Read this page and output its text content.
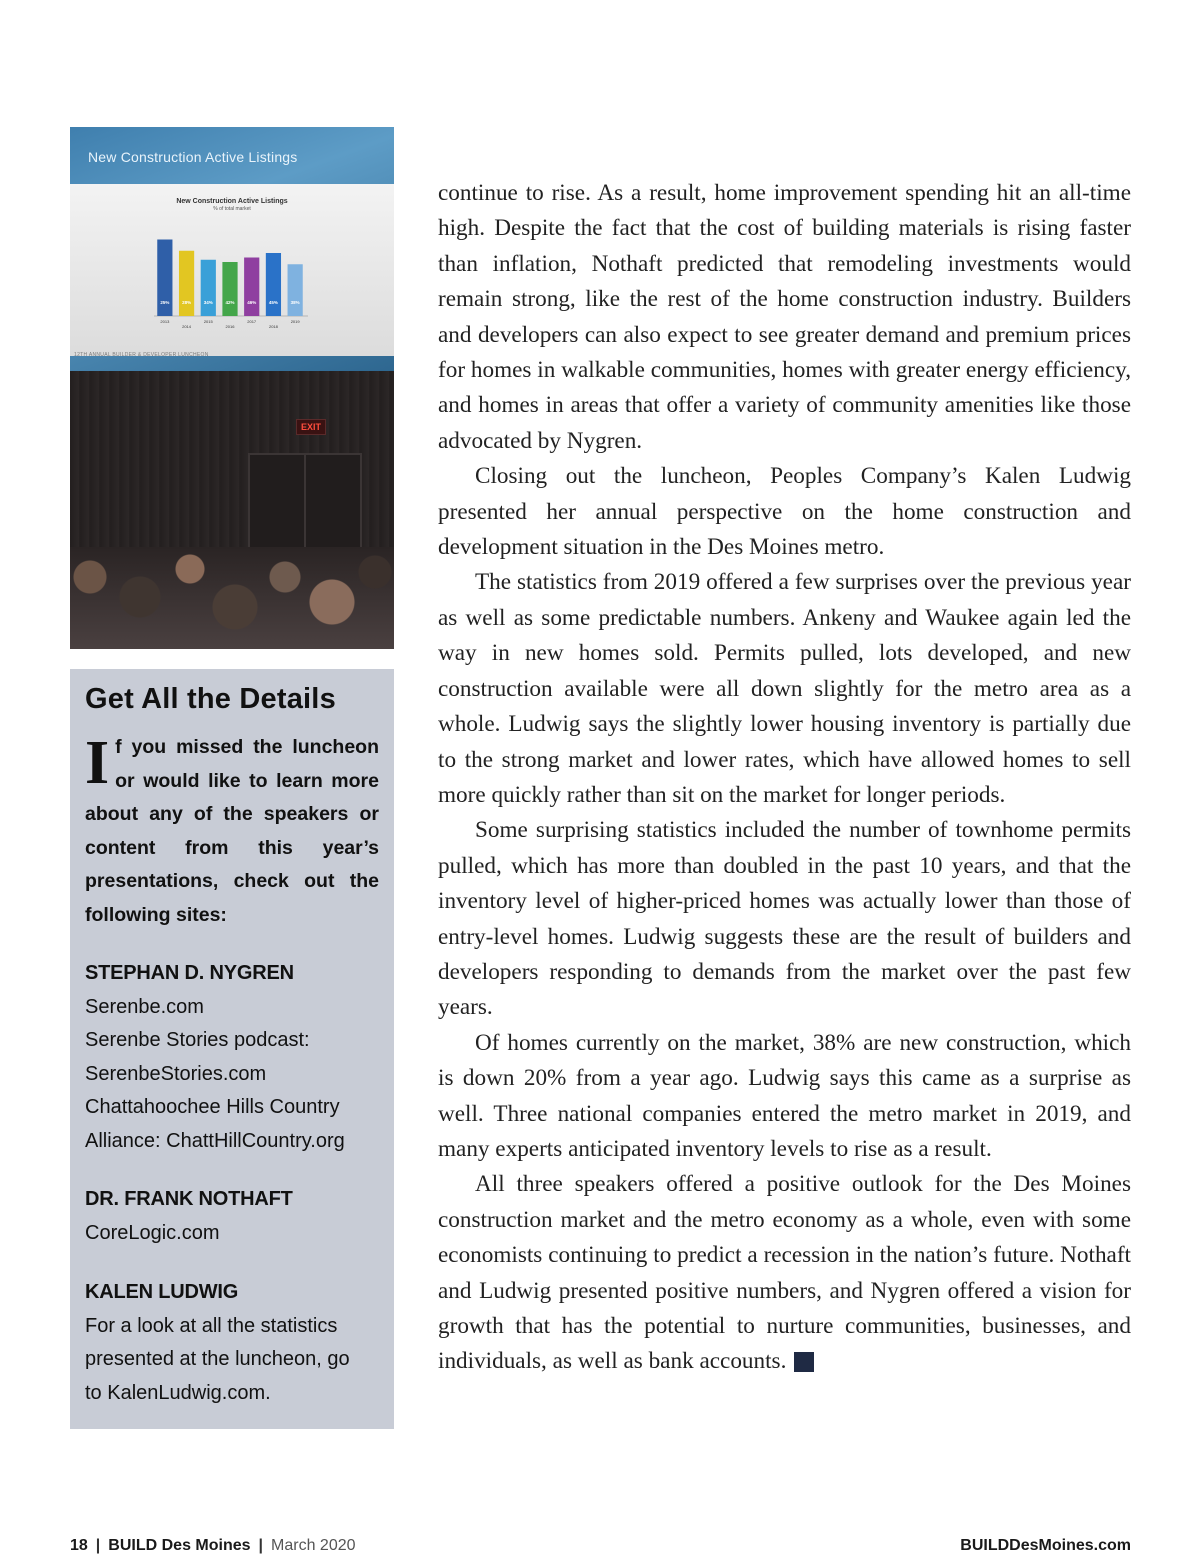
New Construction Active Listings
New Construction Active Listings
% of total market
25%
2013
28%
2014
34%
2015
42%
2016
46%
2017
45%
2018
38%
2019
12TH ANNUAL BUILDER & DEVELOPER LUNCHEON
EXIT
Get All the Details
If you missed the luncheon or would like to learn more about any of the speakers or content from this year’s presentations, check out the following sites:
STEPHAN D. NYGREN
Serenbe.com
Serenbe Stories podcast:
SerenbeStories.com
Chattahoochee Hills Country
Alliance: ChattHillCountry.org
DR. FRANK NOTHAFT
CoreLogic.com
KALEN LUDWIG
For a look at all the statistics
presented at the luncheon, go
to KalenLudwig.com.

continue to rise. As a result, home improvement spending hit an all-time high. Despite the fact that the cost of building materials is rising faster than inflation, Nothaft predicted that remodeling investments would remain strong, like the rest of the home construction industry. Builders and developers can also expect to see greater demand and premium prices for homes in walkable communities, homes with greater energy efficiency, and homes in areas that offer a variety of community amenities like those advocated by Nygren.

Closing out the luncheon, Peoples Company’s Kalen Ludwig presented her annual perspective on the home construction and development situation in the Des Moines metro.

The statistics from 2019 offered a few surprises over the previous year as well as some predictable numbers. Ankeny and Waukee again led the way in new homes sold. Permits pulled, lots developed, and new construction available were all down slightly for the metro area as a whole. Ludwig says the slightly lower housing inventory is partially due to the strong market and lower rates, which have allowed homes to sell more quickly rather than sit on the market for longer periods.

Some surprising statistics included the number of townhome permits pulled, which has more than doubled in the past 10 years, and that the inventory level of higher-priced homes was actually lower than those of entry-level homes. Ludwig suggests these are the result of builders and developers responding to demands from the market over the past few years.

Of homes currently on the market, 38% are new construction, which is down 20% from a year ago. Ludwig says this came as a surprise as well. Three national companies entered the metro market in 2019, and many experts anticipated inventory levels to rise as a result.

All three speakers offered a positive outlook for the Des Moines construction market and the metro economy as a whole, even with some economists continuing to predict a recession in the nation’s future. Nothaft and Ludwig presented positive numbers, and Nygren offered a vision for growth that has the potential to nurture communities, businesses, and individuals, as well as bank accounts.	B

18 | BUILD Des Moines | March 2020	BUILDDesMoines.com
